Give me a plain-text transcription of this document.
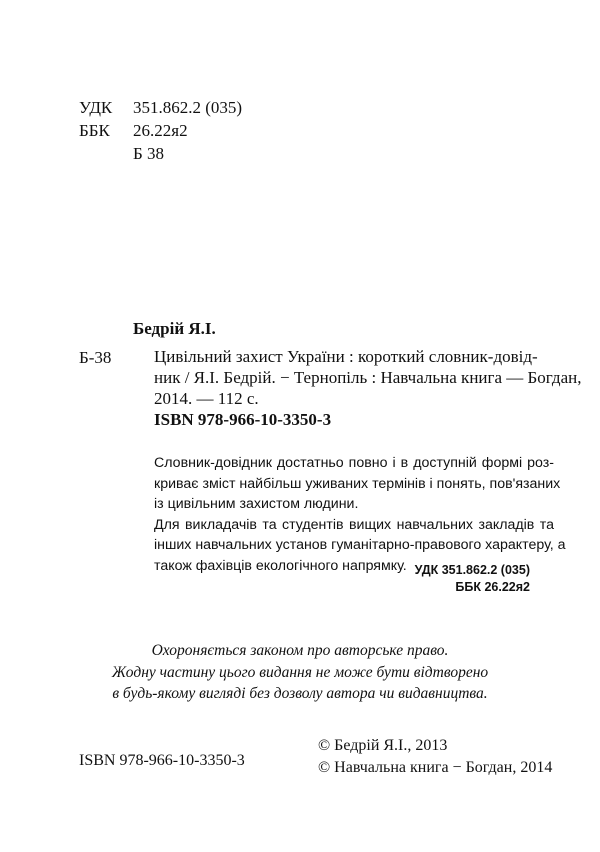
УДК 351.862.2 (035)
ББК 26.22я2
Б 38
Бедрій Я.І.
Б-38	Цивільний захист України : короткий словник-довід-
ник / Я.І. Бедрій. − Тернопіль : Навчальна книга — Богдан,
2014. — 112 с.
ISBN 978-966-10-3350-3
Словник-довідник достатньо повно і в доступній формі роз-
криває зміст найбільш уживаних термінів і понять, пов'язаних
із цивільним захистом людини.
Для викладачів та студентів вищих навчальних закладів та
інших навчальних установ гуманітарно-правового характеру, а
також фахівців екологічного напрямку. УДК 351.862.2 (035)
ББК 26.22я2
Охороняється законом про авторське право.
Жодну частину цього видання не може бути відтворено
в будь-якому вигляді без дозволу автора чи видавництва.
ISBN 978-966-10-3350-3
© Бедрій Я.І., 2013
© Навчальна книга − Богдан, 2014
